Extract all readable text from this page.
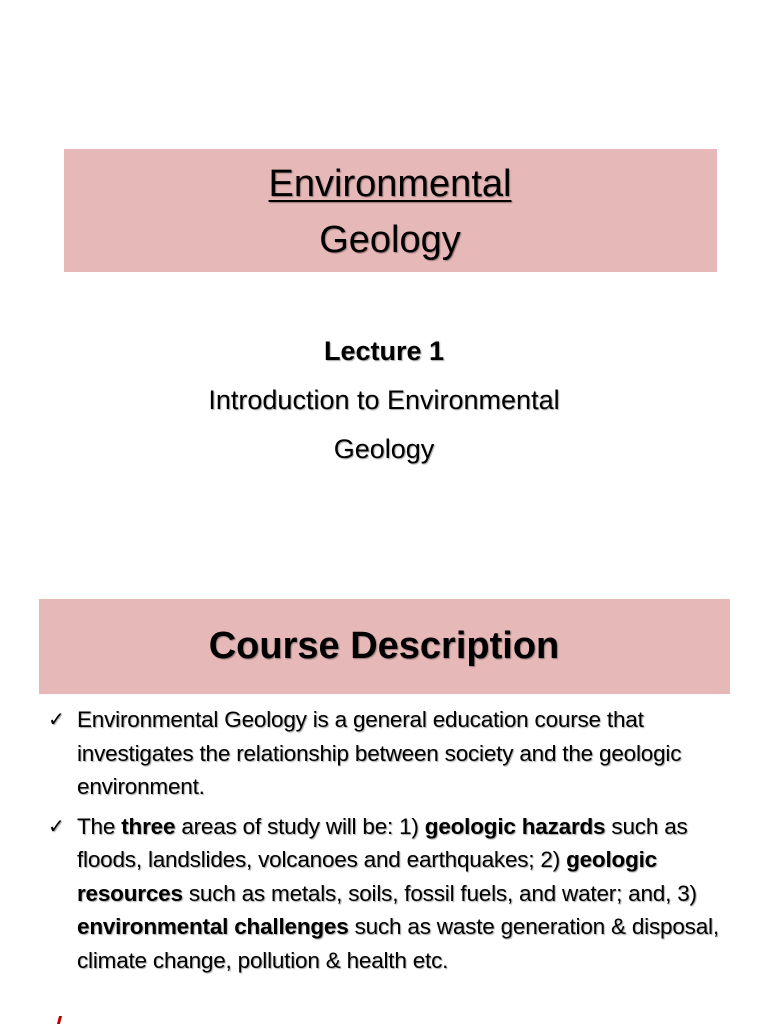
Environmental
Geology
Lecture 1
Introduction to Environmental
Geology
Course Description
✓ Environmental Geology is a general education course that investigates the relationship between society and the geologic environment.
✓ The three areas of study will be: 1) geologic hazards such as floods, landslides, volcanoes and earthquakes; 2) geologic resources such as metals, soils, fossil fuels, and water; and, 3) environmental challenges such as waste generation & disposal, climate change, pollution & health etc.
